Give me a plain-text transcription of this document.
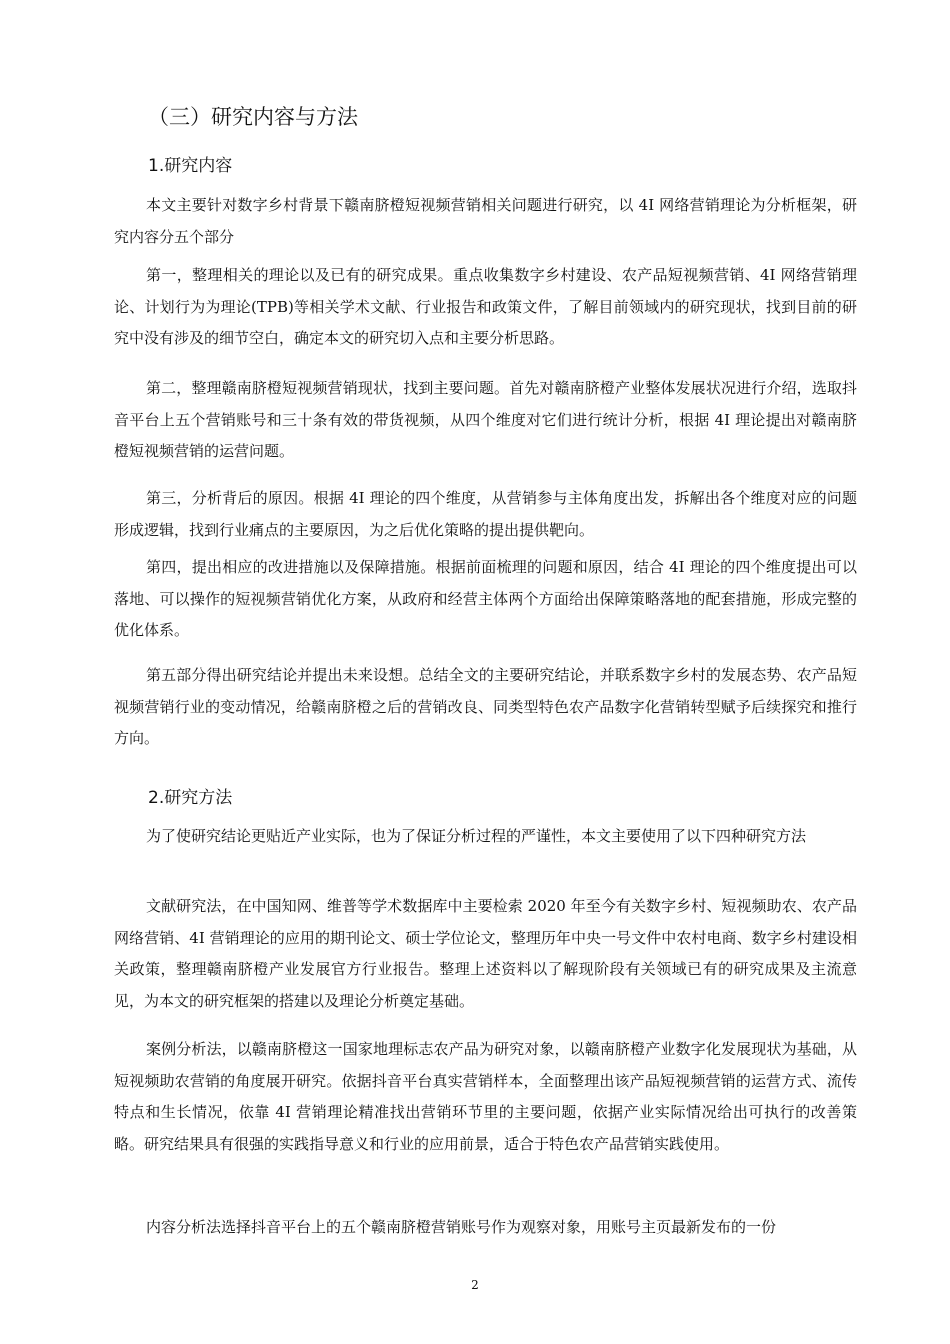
（三）研究内容与方法
1.研究内容

本文主要针对数字乡村背景下赣南脐橙短视频营销相关问题进行研究，以 4I 网络营销理论为分析框架，研究内容分五个部分

第一，整理相关的理论以及已有的研究成果。重点收集数字乡村建设、农产品短视频营销、4I 网络营销理论、计划行为为理论(TPB)等相关学术文献、行业报告和政策文件，了解目前领域内的研究现状，找到目前的研究中没有涉及的细节空白，确定本文的研究切入点和主要分析思路。

第二，整理赣南脐橙短视频营销现状，找到主要问题。首先对赣南脐橙产业整体发展状况进行介绍，选取抖音平台上五个营销账号和三十条有效的带货视频，从四个维度对它们进行统计分析，根据 4I 理论提出对赣南脐橙短视频营销的运营问题。

第三，分析背后的原因。根据 4I 理论的四个维度，从营销参与主体角度出发，拆解出各个维度对应的问题形成逻辑，找到行业痛点的主要原因，为之后优化策略的提出提供靶向。

第四，提出相应的改进措施以及保障措施。根据前面梳理的问题和原因，结合 4I 理论的四个维度提出可以落地、可以操作的短视频营销优化方案，从政府和经营主体两个方面给出保障策略落地的配套措施，形成完整的优化体系。

第五部分得出研究结论并提出未来设想。总结全文的主要研究结论，并联系数字乡村的发展态势、农产品短视频营销行业的变动情况，给赣南脐橙之后的营销改良、同类型特色农产品数字化营销转型赋予后续探究和推行方向。

2.研究方法

为了使研究结论更贴近产业实际，也为了保证分析过程的严谨性，本文主要使用了以下四种研究方法

文献研究法，在中国知网、维普等学术数据库中主要检索 2020 年至今有关数字乡村、短视频助农、农产品网络营销、4I 营销理论的应用的期刊论文、硕士学位论文，整理历年中央一号文件中农村电商、数字乡村建设相关政策，整理赣南脐橙产业发展官方行业报告。整理上述资料以了解现阶段有关领域已有的研究成果及主流意见，为本文的研究框架的搭建以及理论分析奠定基础。

案例分析法，以赣南脐橙这一国家地理标志农产品为研究对象，以赣南脐橙产业数字化发展现状为基础，从短视频助农营销的角度展开研究。依据抖音平台真实营销样本，全面整理出该产品短视频营销的运营方式、流传特点和生长情况，依靠 4I 营销理论精准找出营销环节里的主要问题，依据产业实际情况给出可执行的改善策略。研究结果具有很强的实践指导意义和行业的应用前景，适合于特色农产品营销实践使用。

内容分析法选择抖音平台上的五个赣南脐橙营销账号作为观察对象，用账号主页最新发布的一份

2
